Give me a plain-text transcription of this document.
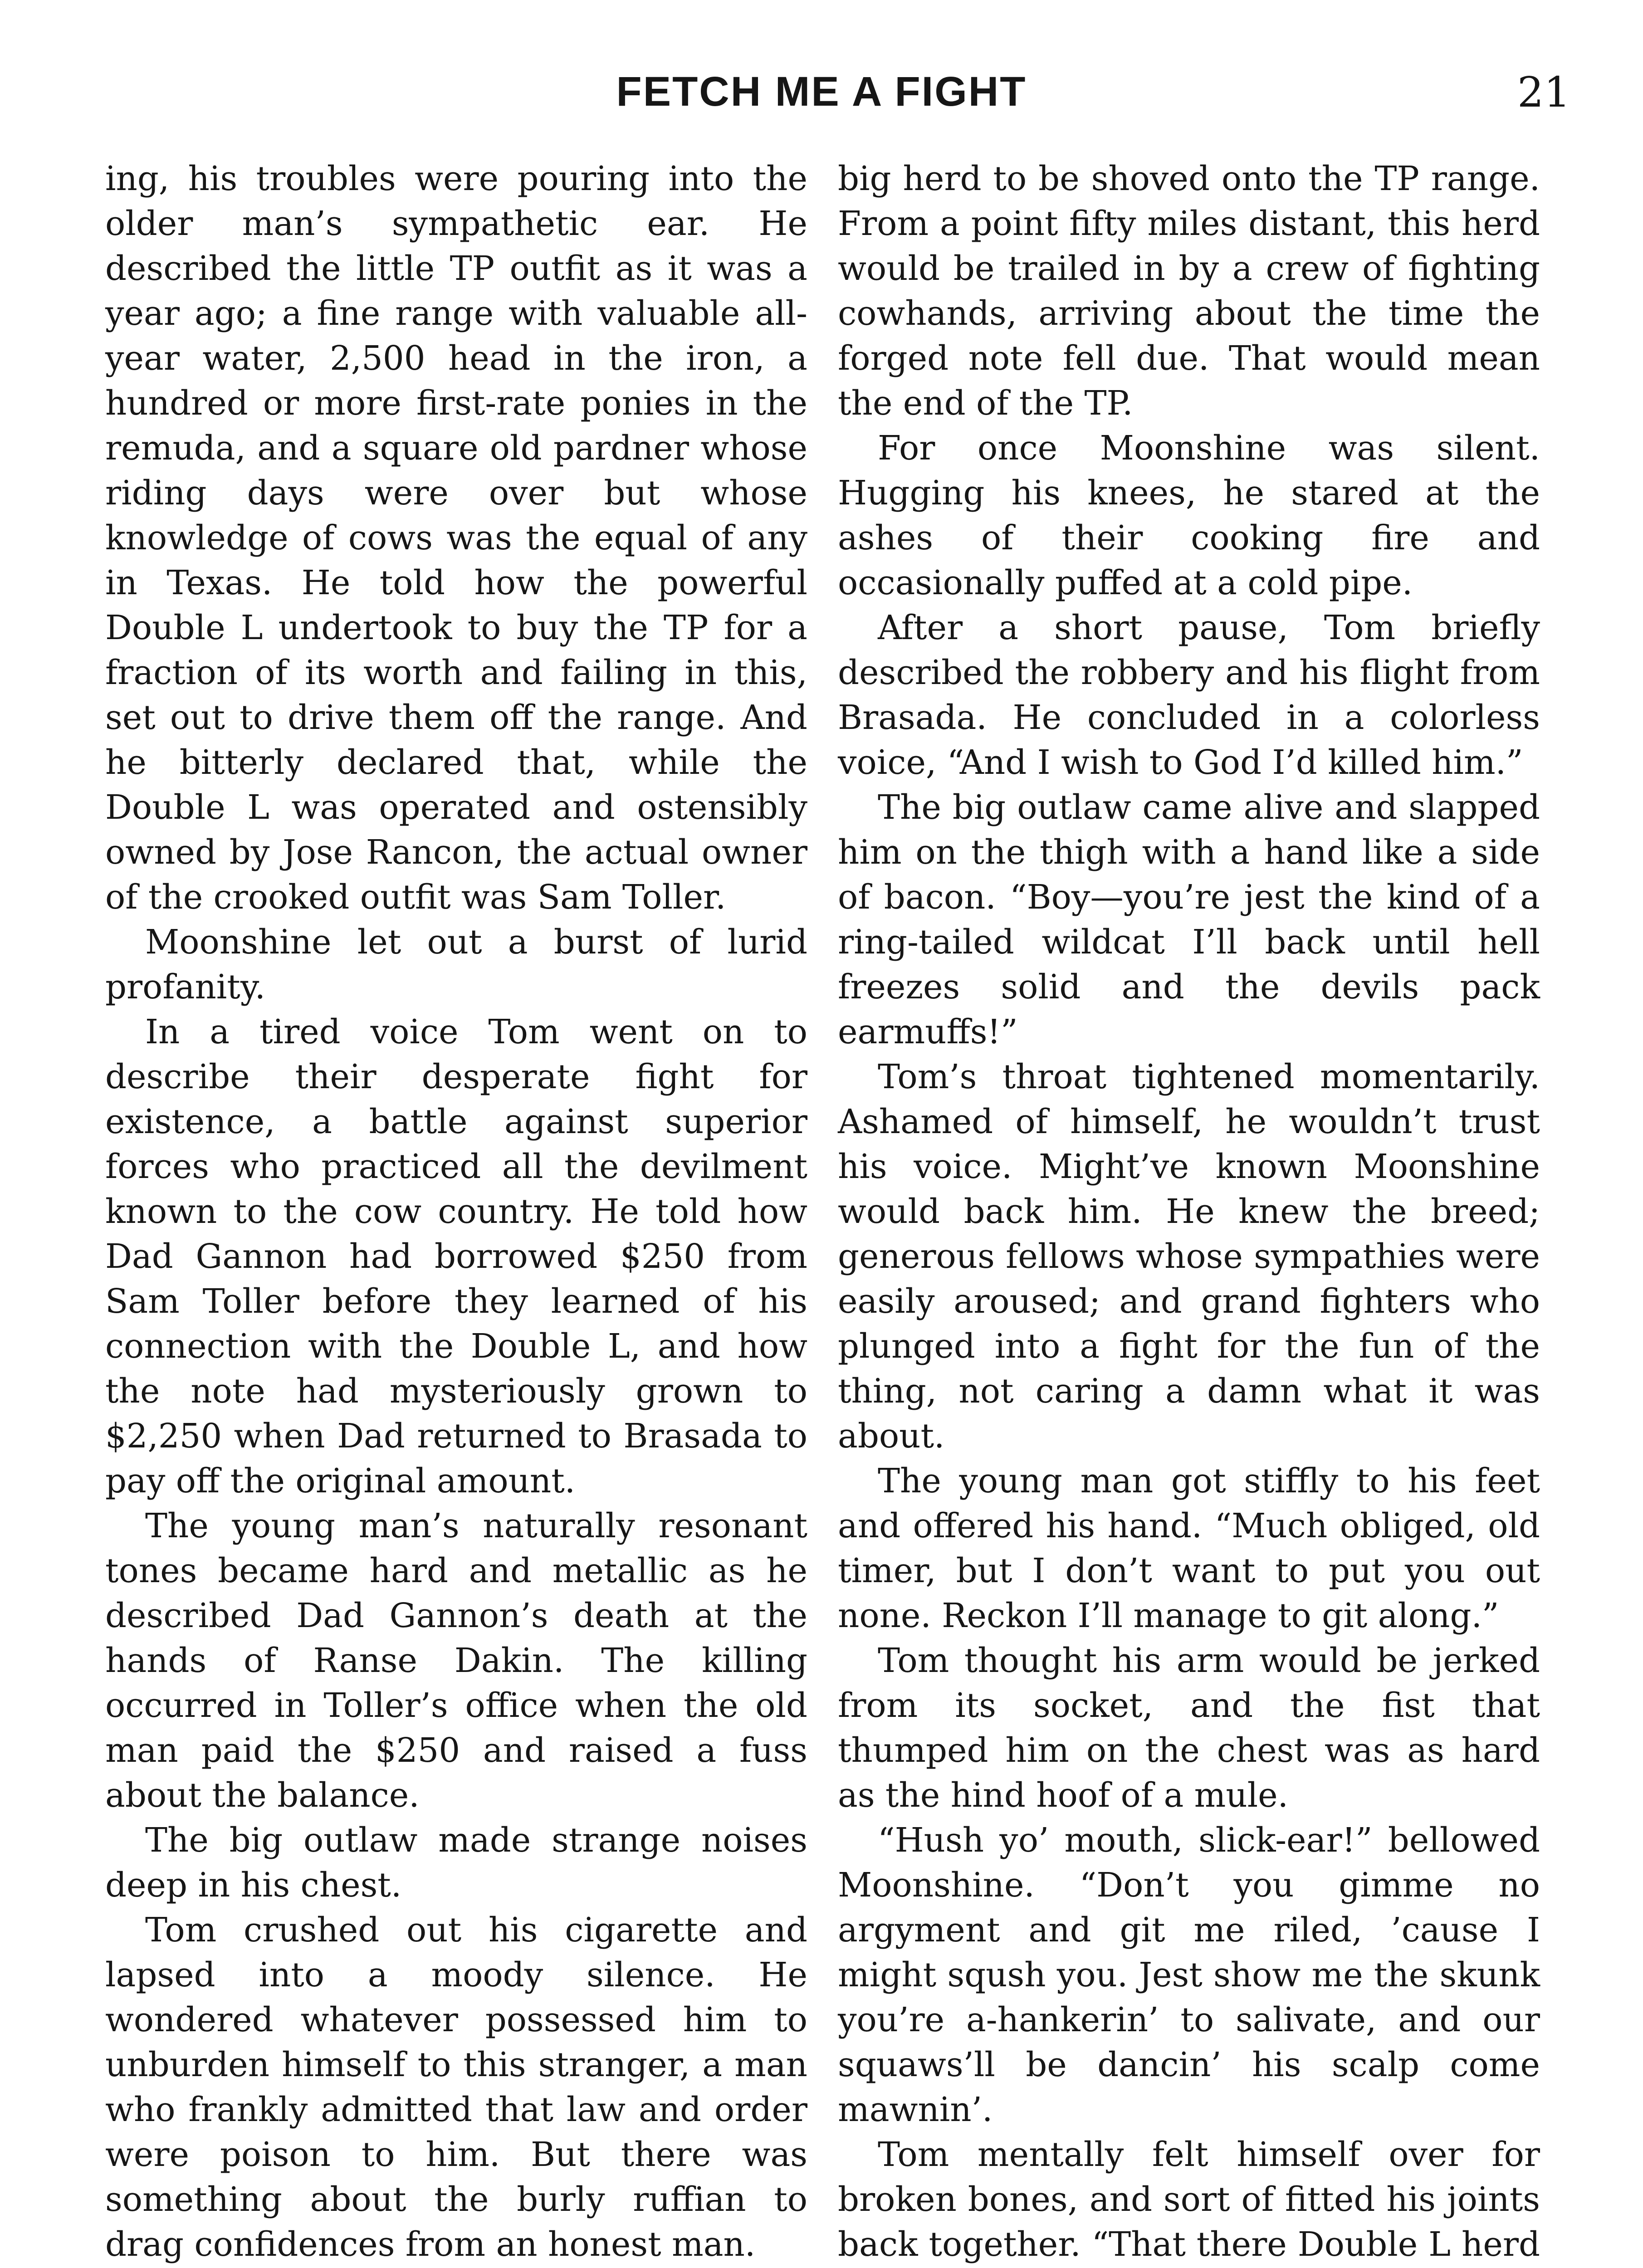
FETCH ME A FIGHT	21

ing, his troubles were pouring into the older man’s sympathetic ear. He described the little TP outfit as it was a year ago; a fine range with valuable all-year water, 2,500 head in the iron, a hundred or more first-rate ponies in the remuda, and a square old pardner whose riding days were over but whose knowledge of cows was the equal of any in Texas. He told how the powerful Double L undertook to buy the TP for a fraction of its worth and failing in this, set out to drive them off the range. And he bitterly declared that, while the Double L was operated and ostensibly owned by Jose Rancon, the actual owner of the crooked outfit was Sam Toller.

Moonshine let out a burst of lurid profanity.

In a tired voice Tom went on to describe their desperate fight for existence, a battle against superior forces who practiced all the devilment known to the cow country. He told how Dad Gannon had borrowed $250 from Sam Toller before they learned of his connection with the Double L, and how the note had mysteriously grown to $2,250 when Dad returned to Brasada to pay off the original amount.

The young man’s naturally resonant tones became hard and metallic as he described Dad Gannon’s death at the hands of Ranse Dakin. The killing occurred in Toller’s office when the old man paid the $250 and raised a fuss about the balance.

The big outlaw made strange noises deep in his chest.

Tom crushed out his cigarette and lapsed into a moody silence. He wondered whatever possessed him to unburden himself to this stranger, a man who frankly admitted that law and order were poison to him. But there was something about the burly ruffian to drag confidences from an honest man.

big herd to be shoved onto the TP range. From a point fifty miles distant, this herd would be trailed in by a crew of fighting cowhands, arriving about the time the forged note fell due. That would mean the end of the TP.

For once Moonshine was silent. Hugging his knees, he stared at the ashes of their cooking fire and occasionally puffed at a cold pipe.

After a short pause, Tom briefly described the robbery and his flight from Brasada. He concluded in a colorless voice, “And I wish to God I’d killed him.”

The big outlaw came alive and slapped him on the thigh with a hand like a side of bacon. “Boy—you’re jest the kind of a ring-tailed wildcat I’ll back until hell freezes solid and the devils pack earmuffs!”

Tom’s throat tightened momentarily. Ashamed of himself, he wouldn’t trust his voice. Might’ve known Moonshine would back him. He knew the breed; generous fellows whose sympathies were easily aroused; and grand fighters who plunged into a fight for the fun of the thing, not caring a damn what it was about.

The young man got stiffly to his feet and offered his hand. “Much obliged, old timer, but I don’t want to put you out none. Reckon I’ll manage to git along.”

Tom thought his arm would be jerked from its socket, and the fist that thumped him on the chest was as hard as the hind hoof of a mule.

“Hush yo’ mouth, slick-ear!” bellowed Moonshine. “Don’t you gimme no argyment and git me riled, ’cause I might sqush you. Jest show me the skunk you’re a-hankerin’ to salivate, and our squaws’ll be dancin’ his scalp come mawnin’.

Tom mentally felt himself over for broken bones, and sort of fitted his joints back together. “That there Double L herd
